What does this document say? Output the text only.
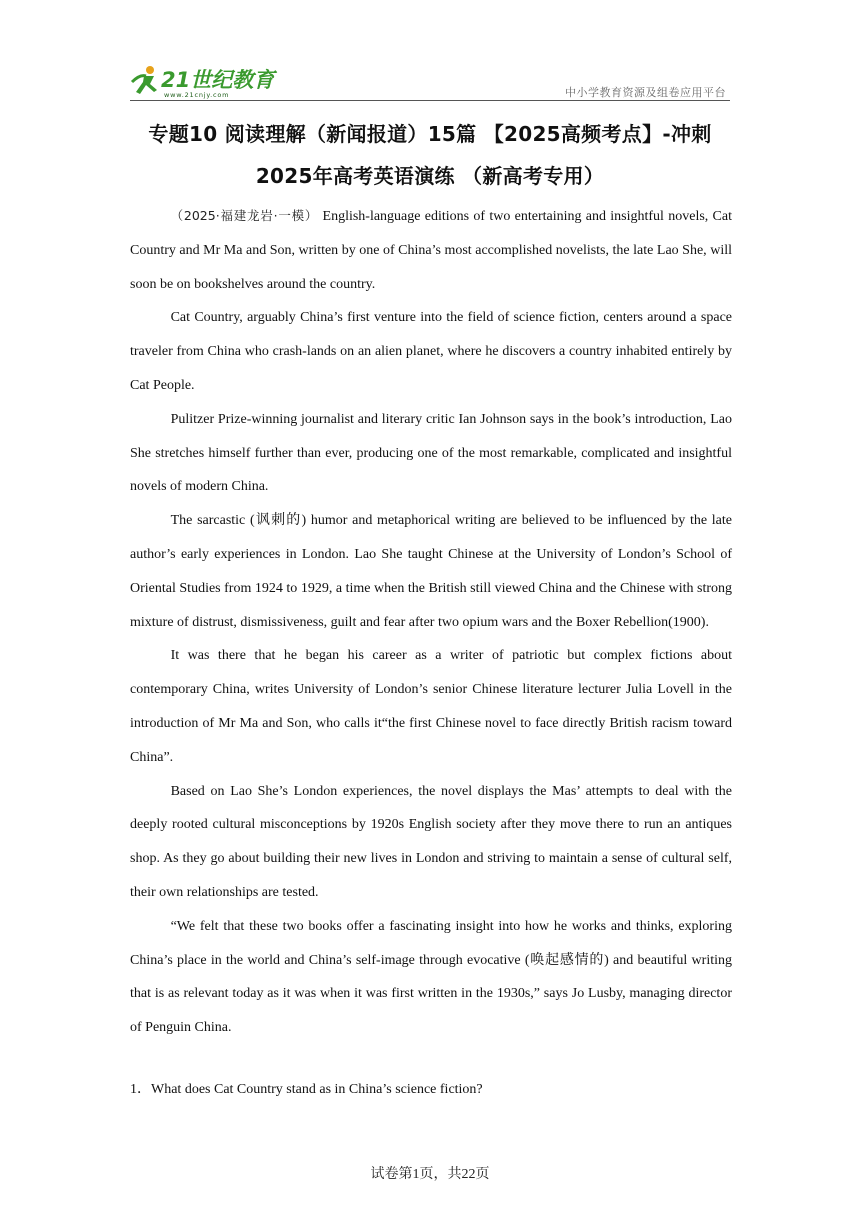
21世纪教育
www.21cnjy.com	中小学教育资源及组卷应用平台
专题10 阅读理解（新闻报道）15篇 【2025高频考点】-冲刺
2025年高考英语演练 （新高考专用）

（2025·福建龙岩·一模） English-language editions of two entertaining and insightful novels, Cat Country and Mr Ma and Son, written by one of China’s most accomplished novelists, the late Lao She, will soon be on bookshelves around the country.

Cat Country, arguably China’s first venture into the field of science fiction, centers around a space traveler from China who crash-lands on an alien planet, where he discovers a country inhabited entirely by Cat People.

Pulitzer Prize-winning journalist and literary critic Ian Johnson says in the book’s introduction, Lao She stretches himself further than ever, producing one of the most remarkable, complicated and insightful novels of modern China.

The sarcastic (讽刺的) humor and metaphorical writing are believed to be influenced by the late author’s early experiences in London. Lao She taught Chinese at the University of London’s School of Oriental Studies from 1924 to 1929, a time when the British still viewed China and the Chinese with strong mixture of distrust, dismissiveness, guilt and fear after two opium wars and the Boxer Rebellion(1900).

It was there that he began his career as a writer of patriotic but complex fictions about contemporary China, writes University of London’s senior Chinese literature lecturer Julia Lovell in the introduction of Mr Ma and Son, who calls it“the first Chinese novel to face directly British racism toward China”.

Based on Lao She’s London experiences, the novel displays the Mas’ attempts to deal with the deeply rooted cultural misconceptions by 1920s English society after they move there to run an antiques shop. As they go about building their new lives in London and striving to maintain a sense of cultural self, their own relationships are tested.

“We felt that these two books offer a fascinating insight into how he works and thinks, exploring China’s place in the world and China’s self-image through evocative (唤起感情的) and beautiful writing that is as relevant today as it was when it was first written in the 1930s,” says Jo Lusby, managing director of Penguin China.

1．What does Cat Country stand as in China’s science fiction?
试卷第1页，共22页
